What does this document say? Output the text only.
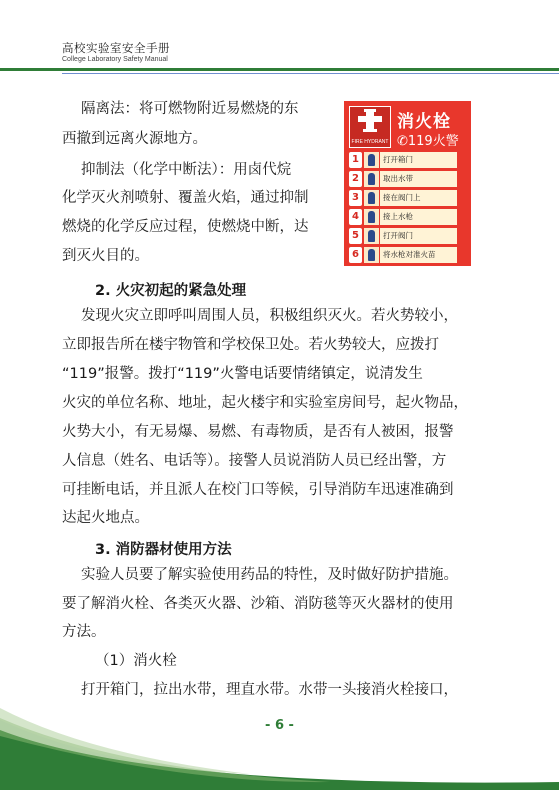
高校实验室安全手册
College Laboratory Safety Manual
隔离法：将可燃物附近易燃烧的东
西撤到远离火源地方。
抑制法（化学中断法）：用卤代烷
化学灭火剂喷射、覆盖火焰，通过抑制
燃烧的化学反应过程，使燃烧中断，达
到灭火目的。
FIRE HYDRANT
消火栓
✆119火警
1	打开箱门
2	取出水带
3	接在阀门上
4	接上水枪
5	打开阀门
6	将水枪对准火苗
2. 火灾初起的紧急处理
发现火灾立即呼叫周围人员，积极组织灭火。若火势较小，
立即报告所在楼宇物管和学校保卫处。若火势较大，应拨打
“119”报警。拨打“119”火警电话要情绪镇定，说清发生
火灾的单位名称、地址，起火楼宇和实验室房间号，起火物品，
火势大小，有无易爆、易燃、有毒物质，是否有人被困，报警
人信息（姓名、电话等）。接警人员说消防人员已经出警，方
可挂断电话，并且派人在校门口等候，引导消防车迅速准确到
达起火地点。
3. 消防器材使用方法
实验人员要了解实验使用药品的特性，及时做好防护措施。
要了解消火栓、各类灭火器、沙箱、消防毯等灭火器材的使用
方法。
（1）消火栓
打开箱门，拉出水带，理直水带。水带一头接消火栓接口，
- 6 -
